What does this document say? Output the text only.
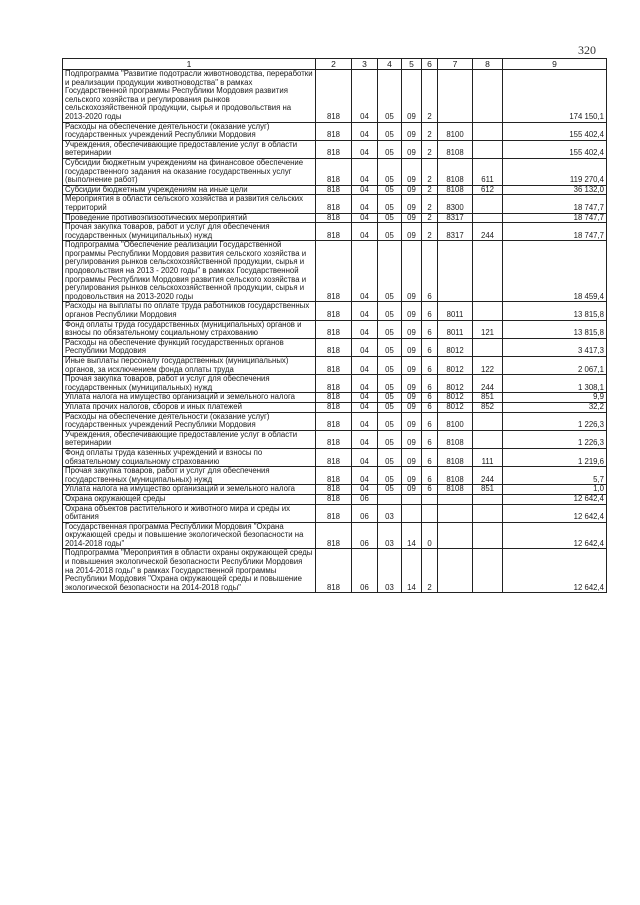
320
1	2	3	4	5	6	7	8	9
Подпрограмма "Развитие подотрасли животноводства, переработки и реализации продукции животноводства" в рамках Государственной программы Республики Мордовия развития сельского хозяйства и регулирования рынков сельскохозяйственной продукции, сырья и продовольствия на 2013-2020 годы	818	04	05	09	2			174 150,1
Расходы на обеспечение деятельности (оказание услуг) государственных учреждений Республики Мордовия	818	04	05	09	2	8100		155 402,4
Учреждения, обеспечивающие предоставление услуг в области ветеринарии	818	04	05	09	2	8108		155 402,4
Субсидии бюджетным учреждениям на финансовое обеспечение государственного задания на оказание государственных услуг (выполнение работ)	818	04	05	09	2	8108	611	119 270,4
Субсидии бюджетным учреждениям на иные цели	818	04	05	09	2	8108	612	36 132,0
Мероприятия в области сельского хозяйства и развития сельских территорий	818	04	05	09	2	8300		18 747,7
Проведение противоэпизоотических мероприятий	818	04	05	09	2	8317		18 747,7
Прочая закупка товаров, работ и услуг для обеспечения государственных (муниципальных) нужд	818	04	05	09	2	8317	244	18 747,7
Подпрограмма "Обеспечение реализации Государственной программы Республики Мордовия развития сельского хозяйства и регулирования рынков сельскохозяйственной продукции, сырья и продовольствия на 2013 - 2020 годы" в рамках Государственной программы Республики Мордовия развития сельского хозяйства и регулирования рынков сельскохозяйственной продукции, сырья и продовольствия на 2013-2020 годы	818	04	05	09	6			18 459,4
Расходы на выплаты по оплате труда работников государственных органов Республики Мордовия	818	04	05	09	6	8011		13 815,8
Фонд оплаты труда государственных (муниципальных) органов и взносы по обязательному социальному страхованию	818	04	05	09	6	8011	121	13 815,8
Расходы на обеспечение функций государственных органов Республики Мордовия	818	04	05	09	6	8012		3 417,3
Иные выплаты персоналу государственных (муниципальных) органов, за исключением фонда оплаты труда	818	04	05	09	6	8012	122	2 067,1
Прочая закупка товаров, работ и услуг для обеспечения государственных (муниципальных) нужд	818	04	05	09	6	8012	244	1 308,1
Уплата налога на имущество организаций и земельного налога	818	04	05	09	6	8012	851	9,9
Уплата прочих налогов, сборов и иных платежей	818	04	05	09	6	8012	852	32,2
Расходы на обеспечение деятельности (оказание услуг) государственных учреждений Республики Мордовия	818	04	05	09	6	8100		1 226,3
Учреждения, обеспечивающие предоставление услуг в области ветеринарии	818	04	05	09	6	8108		1 226,3
Фонд оплаты труда казенных учреждений и взносы по обязательному социальному страхованию	818	04	05	09	6	8108	111	1 219,6
Прочая закупка товаров, работ и услуг для обеспечения государственных (муниципальных) нужд	818	04	05	09	6	8108	244	5,7
Уплата налога на имущество организаций и земельного налога	818	04	05	09	6	8108	851	1,0
Охрана окружающей среды	818	06						12 642,4
Охрана объектов растительного и животного мира и среды их обитания	818	06	03					12 642,4
Государственная программа Республики Мордовия "Охрана окружающей среды и повышение экологической безопасности на 2014-2018 годы"	818	06	03	14	0			12 642,4
Подпрограмма "Мероприятия в области охраны окружающей среды и повышения экологической безопасности Республики Мордовия на 2014-2018 годы" в рамках Государственной программы Республики Мордовия "Охрана окружающей среды и повышение экологической безопасности на 2014-2018 годы"	818	06	03	14	2			12 642,4
